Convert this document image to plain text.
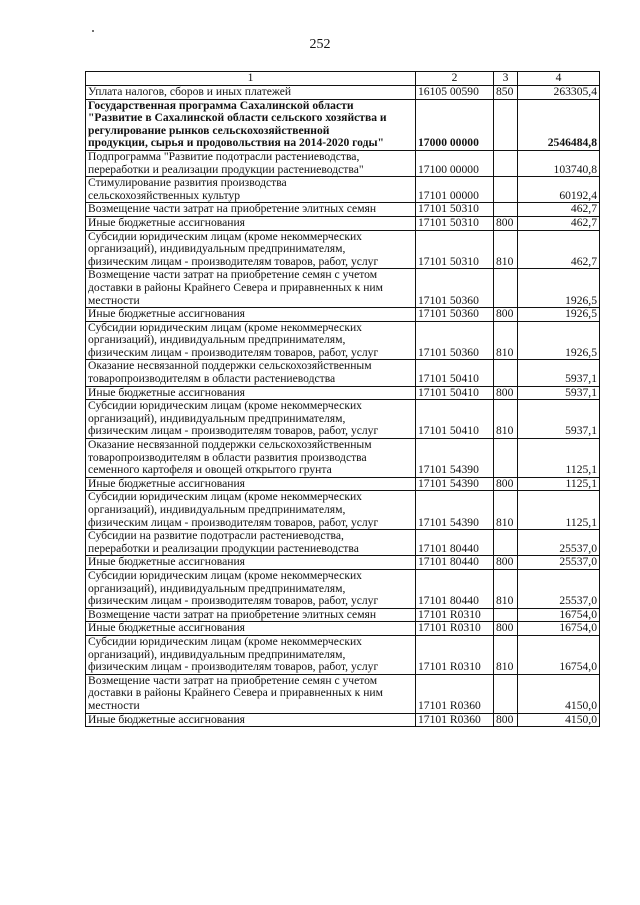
252
1	2	3	4

Уплата налогов, сборов и иных платежей	16105 00590	850	263305,4

Государственная программа Сахалинской области
"Развитие в Сахалинской области сельского хозяйства и
регулирование рынков сельскохозяйственной
продукции, сырья и продовольствия на 2014-2020 годы"	17000 00000		2546484,8

Подпрограмма "Развитие подотрасли растениеводства,
переработки и реализации продукции растениеводства"	17100 00000		103740,8

Стимулирование развития производства
сельскохозяйственных культур	17101 00000		60192,4

Возмещение части затрат на приобретение элитных семян	17101 50310		462,7

Иные бюджетные ассигнования	17101 50310	800	462,7

Субсидии юридическим лицам (кроме некоммерческих
организаций), индивидуальным предпринимателям,
физическим лицам - производителям товаров, работ, услуг	17101 50310	810	462,7

Возмещение части затрат на приобретение семян с учетом
доставки в районы Крайнего Севера и приравненных к ним
местности	17101 50360		1926,5

Иные бюджетные ассигнования	17101 50360	800	1926,5

Субсидии юридическим лицам (кроме некоммерческих
организаций), индивидуальным предпринимателям,
физическим лицам - производителям товаров, работ, услуг	17101 50360	810	1926,5

Оказание несвязанной поддержки сельскохозяйственным
товаропроизводителям в области растениеводства	17101 50410		5937,1

Иные бюджетные ассигнования	17101 50410	800	5937,1

Субсидии юридическим лицам (кроме некоммерческих
организаций), индивидуальным предпринимателям,
физическим лицам - производителям товаров, работ, услуг	17101 50410	810	5937,1

Оказание несвязанной поддержки сельскохозяйственным
товаропроизводителям в области развития производства
семенного картофеля и овощей открытого грунта	17101 54390		1125,1

Иные бюджетные ассигнования	17101 54390	800	1125,1

Субсидии юридическим лицам (кроме некоммерческих
организаций), индивидуальным предпринимателям,
физическим лицам - производителям товаров, работ, услуг	17101 54390	810	1125,1

Субсидии на развитие подотрасли растениеводства,
переработки и реализации продукции растениеводства	17101 80440		25537,0

Иные бюджетные ассигнования	17101 80440	800	25537,0

Субсидии юридическим лицам (кроме некоммерческих
организаций), индивидуальным предпринимателям,
физическим лицам - производителям товаров, работ, услуг	17101 80440	810	25537,0

Возмещение части затрат на приобретение элитных семян	17101 R0310		16754,0

Иные бюджетные ассигнования	17101 R0310	800	16754,0

Субсидии юридическим лицам (кроме некоммерческих
организаций), индивидуальным предпринимателям,
физическим лицам - производителям товаров, работ, услуг	17101 R0310	810	16754,0

Возмещение части затрат на приобретение семян с учетом
доставки в районы Крайнего Севера и приравненных к ним
местности	17101 R0360		4150,0

Иные бюджетные ассигнования	17101 R0360	800	4150,0
